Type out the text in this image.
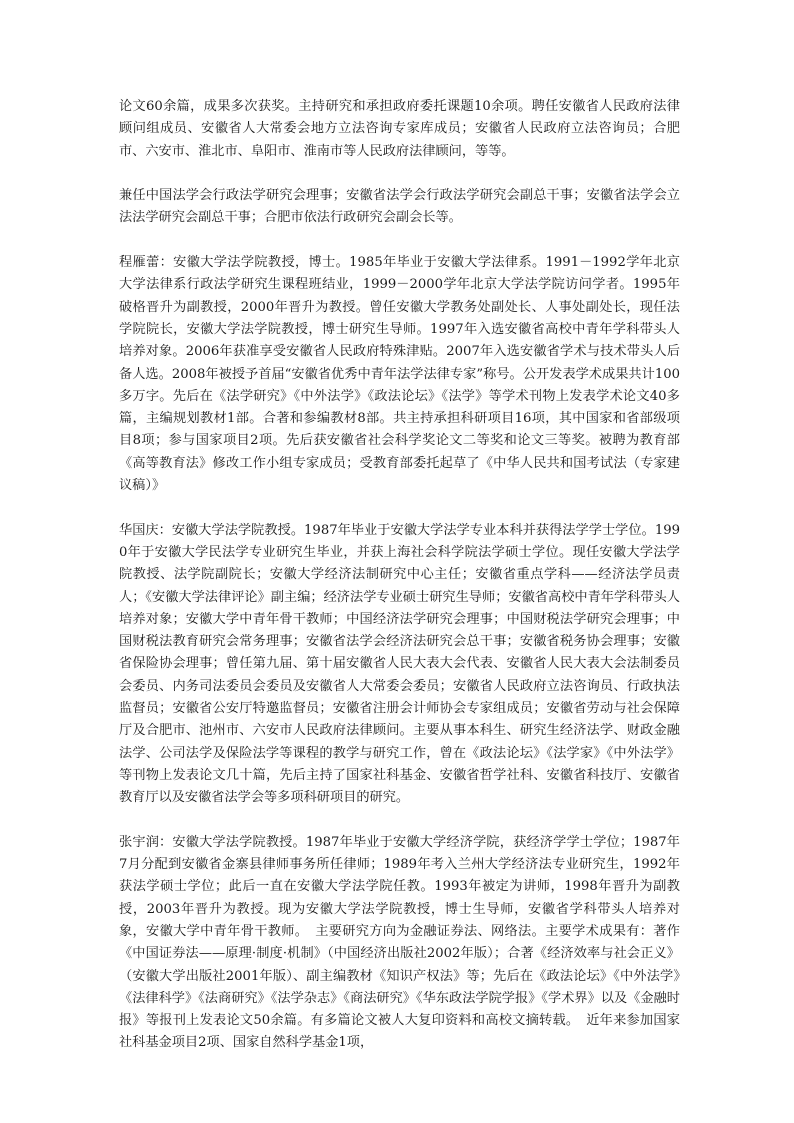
论文60余篇，成果多次获奖。主持研究和承担政府委托课题10余项。聘任安徽省人民政府法律顾问组成员、安徽省人大常委会地方立法咨询专家库成员；安徽省人民政府立法咨询员；合肥市、六安市、淮北市、阜阳市、淮南市等人民政府法律顾问，等等。

兼任中国法学会行政法学研究会理事；安徽省法学会行政法学研究会副总干事；安徽省法学会立法法学研究会副总干事；合肥市依法行政研究会副会长等。

程雁蕾：安徽大学法学院教授，博士。1985年毕业于安徽大学法律系。1991－1992学年北京大学法律系行政法学研究生课程班结业，1999－2000学年北京大学法学院访问学者。1995年破格晋升为副教授，2000年晋升为教授。曾任安徽大学教务处副处长、人事处副处长，现任法学院院长，安徽大学法学院教授，博士研究生导师。1997年入选安徽省高校中青年学科带头人培养对象。2006年获准享受安徽省人民政府特殊津贴。2007年入选安徽省学术与技术带头人后备人选。2008年被授予首届“安徽省优秀中青年法学法律专家”称号。公开发表学术成果共计100多万字。先后在《法学研究》《中外法学》《政法论坛》《法学》等学术刊物上发表学术论文40多篇，主编规划教材1部。合著和参编教材8部。共主持承担科研项目16项，其中国家和省部级项目8项；参与国家项目2项。先后获安徽省社会科学奖论文二等奖和论文三等奖。被聘为教育部《高等教育法》修改工作小组专家成员；受教育部委托起草了《中华人民共和国考试法（专家建议稿）》

华国庆：安徽大学法学院教授。1987年毕业于安徽大学法学专业本科并获得法学学士学位。1990年于安徽大学民法学专业研究生毕业，并获上海社会科学院法学硕士学位。现任安徽大学法学院教授、法学院副院长；安徽大学经济法制研究中心主任；安徽省重点学科——经济法学员责人；《安徽大学法律评论》副主编；经济法学专业硕士研究生导师；安徽省高校中青年学科带头人培养对象；安徽大学中青年骨干教师；中国经济法学研究会理事；中国财税法学研究会理事；中国财税法教育研究会常务理事；安徽省法学会经济法研究会总干事；安徽省税务协会理事；安徽省保险协会理事；曾任第九届、第十届安徽省人民大表大会代表、安徽省人民大表大会法制委员会委员、内务司法委员会委员及安徽省人大常委会委员；安徽省人民政府立法咨询员、行政执法监督员；安徽省公安厅特邀监督员；安徽省注册会计师协会专家组成员；安徽省劳动与社会保障厅及合肥市、池州市、六安市人民政府法律顾问。主要从事本科生、研究生经济法学、财政金融法学、公司法学及保险法学等课程的教学与研究工作，曾在《政法论坛》《法学家》《中外法学》等刊物上发表论文几十篇，先后主持了国家社科基金、安徽省哲学社科、安徽省科技厅、安徽省教育厅以及安徽省法学会等多项科研项目的研究。

张宇润：安徽大学法学院教授。1987年毕业于安徽大学经济学院，获经济学学士学位；1987年7月分配到安徽省金寨县律师事务所任律师；1989年考入兰州大学经济法专业研究生，1992年获法学硕士学位；此后一直在安徽大学法学院任教。1993年被定为讲师，1998年晋升为副教授，2003年晋升为教授。现为安徽大学法学院教授，博士生导师，安徽省学科带头人培养对象，安徽大学中青年骨干教师。　主要研究方向为金融证券法、网络法。主要学术成果有：著作《中国证券法——原理·制度·机制》（中国经济出版社2002年版）；合著《经济效率与社会正义》（安徽大学出版社2001年版）、副主编教材《知识产权法》等；先后在《政法论坛》《中外法学》《法律科学》《法商研究》《法学杂志》《商法研究》《华东政法学院学报》《学术界》以及《金融时报》等报刊上发表论文50余篇。有多篇论文被人大复印资料和高校文摘转载。　近年来参加国家社科基金项目2项、国家自然科学基金1项，
